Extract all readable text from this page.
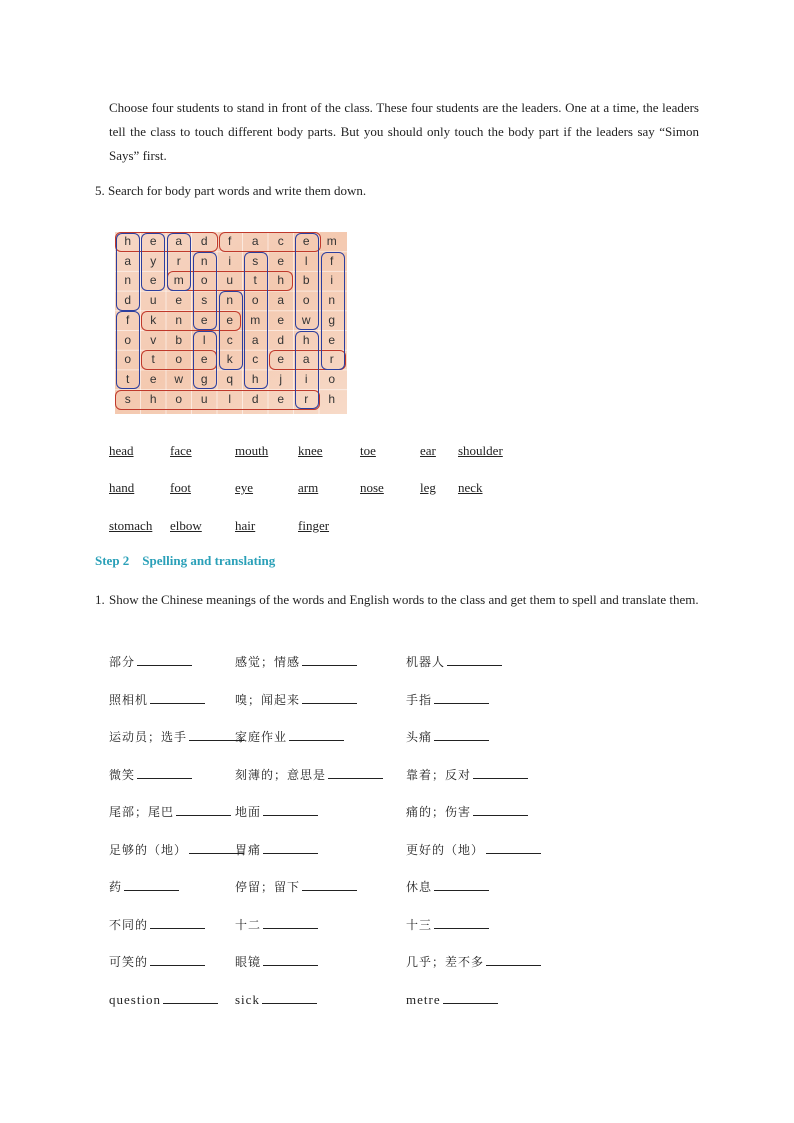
Choose four students to stand in front of the class. These four students are the leaders. One at a time, the leaders tell the class to touch different body parts. But you should only touch the body part if the leaders say “Simon Says” first.
5. Search for body part words and write them down.
h	e	a	d	f	a	c	e	m
a	y	r	n	i	s	e	l	f
n	e	m	o	u	t	h	b	i
d	u	e	s	n	o	a	o	n
f	k	n	e	e	m	e	w	g
o	v	b	l	c	a	d	h	e
o	t	o	e	k	c	e	a	r
t	e	w	g	q	h	j	i	o
s	h	o	u	l	d	e	r	h
head	face	mouth knee	toe	ear shoulder
hand	foot	eye	arm	nose	leg neck
stomach elbow	hair	finger
Step 2    Spelling and translating
1. Show the Chinese meanings of the words and English words to the class and get them to spell and translate them.
部分	感觉；情感	机器人
照相机	嗅；闻起来	手指
运动员；选手	家庭作业	头痛
微笑	刻薄的；意思是	靠着；反对
尾部；尾巴	地面	痛的；伤害
足够的（地）	胃痛	更好的（地）
药	停留；留下	休息
不同的	十二	十三
可笑的	眼镜	几乎；差不多
question	sick	metre
